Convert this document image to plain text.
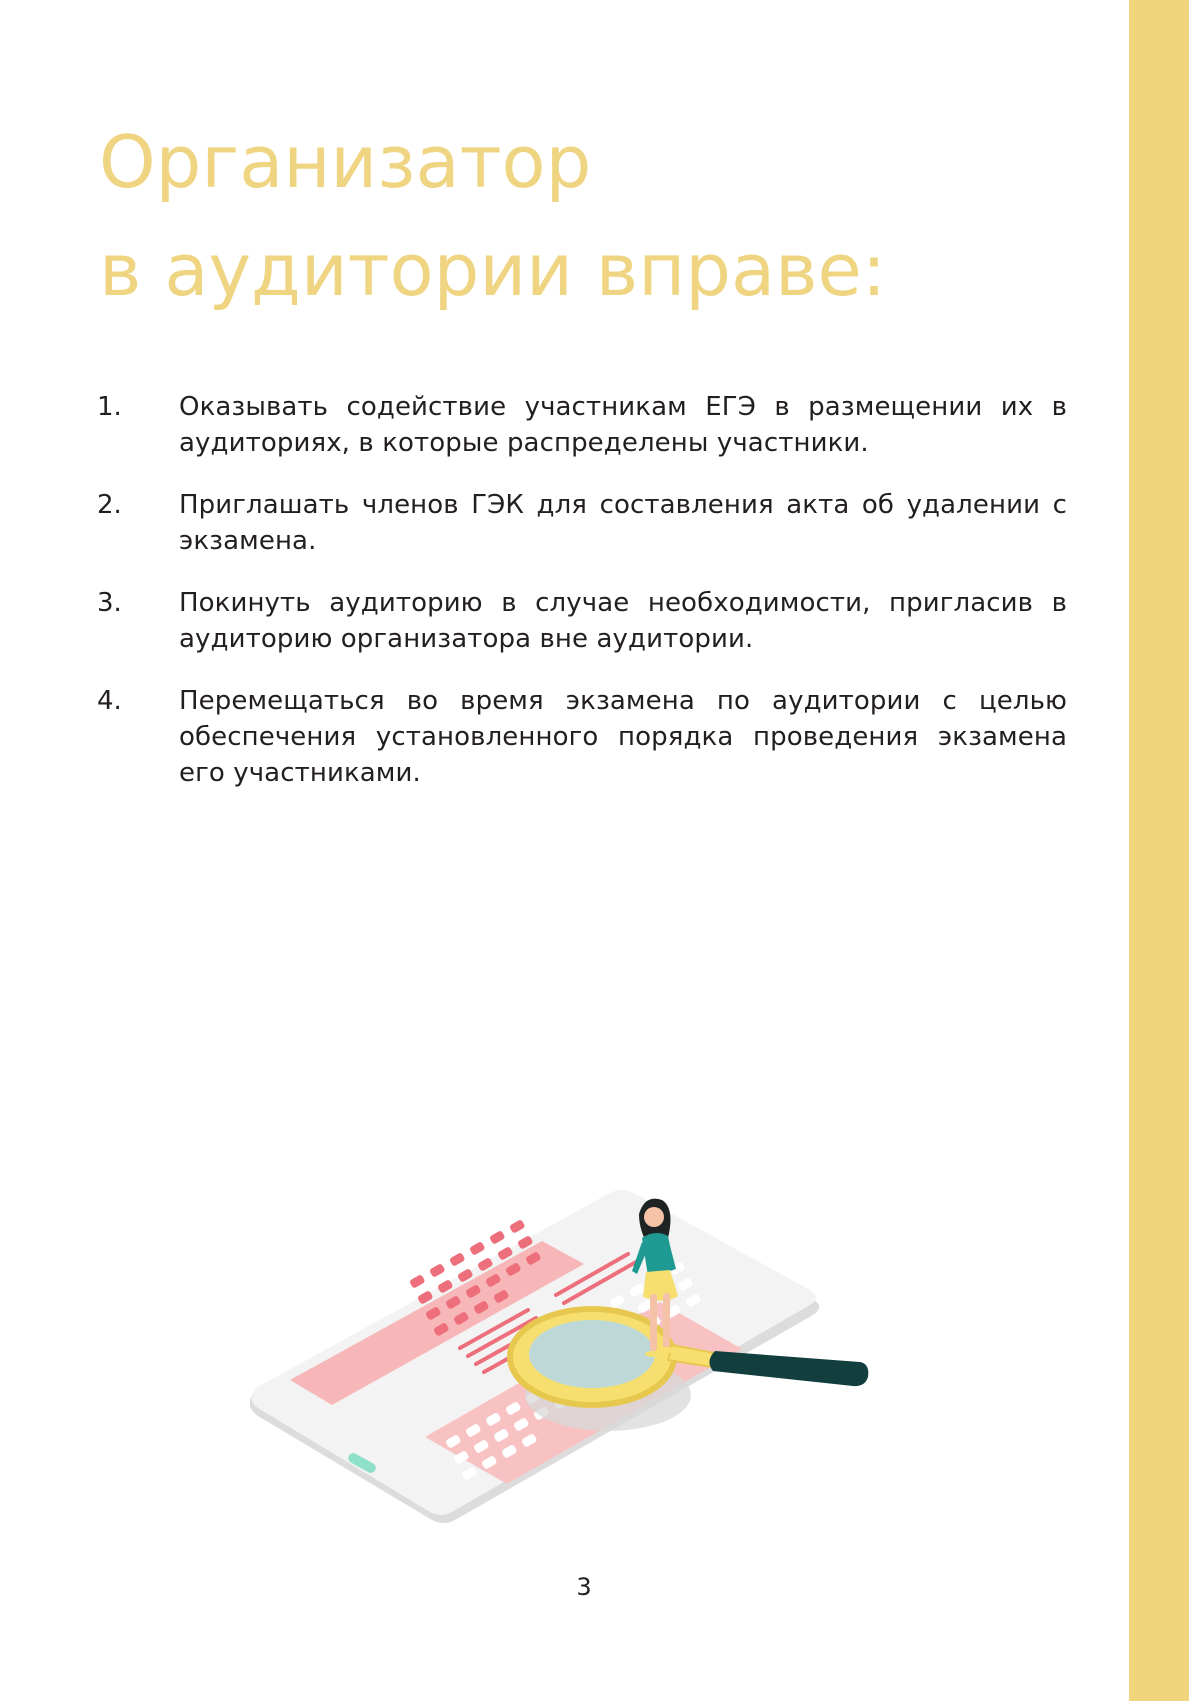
Организатор
в аудитории вправе:
1.	Оказывать содействие участникам ЕГЭ в размещении их в аудиториях, в которые распределены участники.
2.	Приглашать членов ГЭК для составления акта об удалении с экзамена.
3.	Покинуть аудиторию в случае необходимости, пригласив в аудиторию организатора вне аудитории.
4.	Перемещаться во время экзамена по аудитории с целью обеспечения установленного порядка проведения экзамена его участниками.
3
